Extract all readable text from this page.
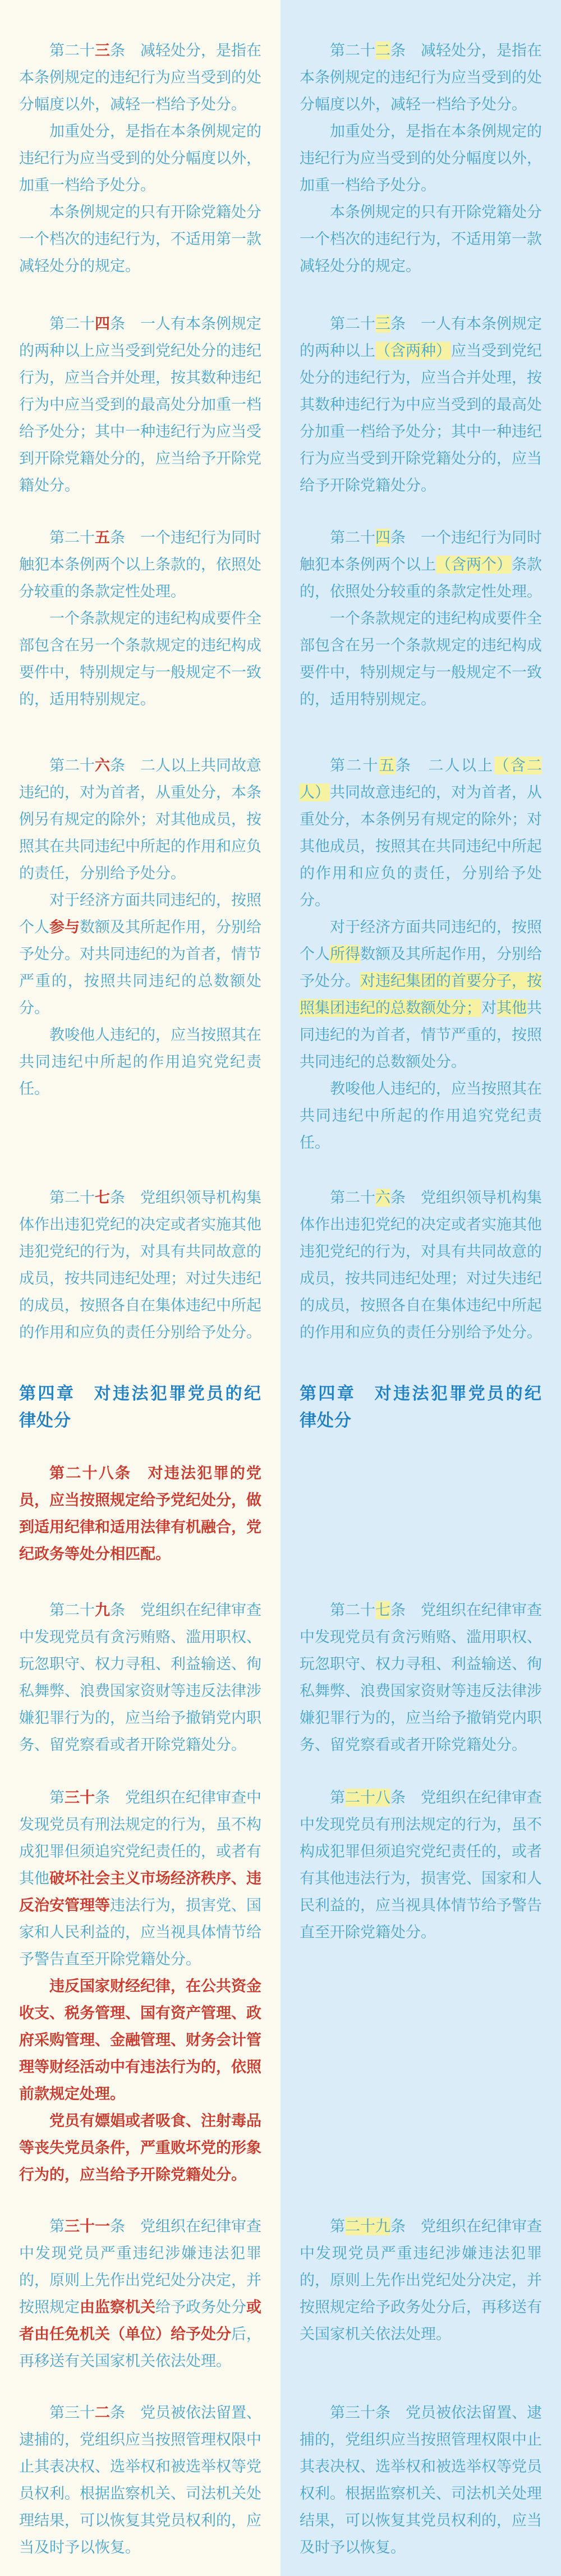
第二十三条　减轻处分，是指在本条例规定的违纪行为应当受到的处分幅度以外，减轻一档给予处分。

加重处分，是指在本条例规定的违纪行为应当受到的处分幅度以外，加重一档给予处分。

本条例规定的只有开除党籍处分一个档次的违纪行为，不适用第一款减轻处分的规定。

第二十二条　减轻处分，是指在本条例规定的违纪行为应当受到的处分幅度以外，减轻一档给予处分。

加重处分，是指在本条例规定的违纪行为应当受到的处分幅度以外，加重一档给予处分。

本条例规定的只有开除党籍处分一个档次的违纪行为，不适用第一款减轻处分的规定。

第二十四条　一人有本条例规定的两种以上应当受到党纪处分的违纪行为，应当合并处理，按其数种违纪行为中应当受到的最高处分加重一档给予处分；其中一种违纪行为应当受到开除党籍处分的，应当给予开除党籍处分。

第二十三条　一人有本条例规定的两种以上（含两种）应当受到党纪处分的违纪行为，应当合并处理，按其数种违纪行为中应当受到的最高处分加重一档给予处分；其中一种违纪行为应当受到开除党籍处分的，应当给予开除党籍处分。

第二十五条　一个违纪行为同时触犯本条例两个以上条款的，依照处分较重的条款定性处理。

一个条款规定的违纪构成要件全部包含在另一个条款规定的违纪构成要件中，特别规定与一般规定不一致的，适用特别规定。

第二十四条　一个违纪行为同时触犯本条例两个以上（含两个）条款的，依照处分较重的条款定性处理。

一个条款规定的违纪构成要件全部包含在另一个条款规定的违纪构成要件中，特别规定与一般规定不一致的，适用特别规定。

第二十六条　二人以上共同故意违纪的，对为首者，从重处分，本条例另有规定的除外；对其他成员，按照其在共同违纪中所起的作用和应负的责任，分别给予处分。

对于经济方面共同违纪的，按照个人参与数额及其所起作用，分别给予处分。对共同违纪的为首者，情节严重的，按照共同违纪的总数额处分。

教唆他人违纪的，应当按照其在共同违纪中所起的作用追究党纪责任。

第二十五条　二人以上（含二人）共同故意违纪的，对为首者，从重处分，本条例另有规定的除外；对其他成员，按照其在共同违纪中所起的作用和应负的责任，分别给予处分。

对于经济方面共同违纪的，按照个人所得数额及其所起作用，分别给予处分。对违纪集团的首要分子，按照集团违纪的总数额处分；对其他共同违纪的为首者，情节严重的，按照共同违纪的总数额处分。

教唆他人违纪的，应当按照其在共同违纪中所起的作用追究党纪责任。

第二十七条　党组织领导机构集体作出违犯党纪的决定或者实施其他违犯党纪的行为，对具有共同故意的成员，按共同违纪处理；对过失违纪的成员，按照各自在集体违纪中所起的作用和应负的责任分别给予处分。

第二十六条　党组织领导机构集体作出违犯党纪的决定或者实施其他违犯党纪的行为，对具有共同故意的成员，按共同违纪处理；对过失违纪的成员，按照各自在集体违纪中所起的作用和应负的责任分别给予处分。

第四章　对违法犯罪党员的纪律处分

第四章　对违法犯罪党员的纪律处分

第二十八条　对违法犯罪的党员，应当按照规定给予党纪处分，做到适用纪律和适用法律有机融合，党纪政务等处分相匹配。

第二十九条　党组织在纪律审查中发现党员有贪污贿赂、滥用职权、玩忽职守、权力寻租、利益输送、徇私舞弊、浪费国家资财等违反法律涉嫌犯罪行为的，应当给予撤销党内职务、留党察看或者开除党籍处分。

第二十七条　党组织在纪律审查中发现党员有贪污贿赂、滥用职权、玩忽职守、权力寻租、利益输送、徇私舞弊、浪费国家资财等违反法律涉嫌犯罪行为的，应当给予撤销党内职务、留党察看或者开除党籍处分。

第三十条　党组织在纪律审查中发现党员有刑法规定的行为，虽不构成犯罪但须追究党纪责任的，或者有其他破坏社会主义市场经济秩序、违反治安管理等违法行为，损害党、国家和人民利益的，应当视具体情节给予警告直至开除党籍处分。

违反国家财经纪律，在公共资金收支、税务管理、国有资产管理、政府采购管理、金融管理、财务会计管理等财经活动中有违法行为的，依照前款规定处理。

党员有嫖娼或者吸食、注射毒品等丧失党员条件，严重败坏党的形象行为的，应当给予开除党籍处分。

第二十八条　党组织在纪律审查中发现党员有刑法规定的行为，虽不构成犯罪但须追究党纪责任的，或者有其他违法行为，损害党、国家和人民利益的，应当视具体情节给予警告直至开除党籍处分。

第三十一条　党组织在纪律审查中发现党员严重违纪涉嫌违法犯罪的，原则上先作出党纪处分决定，并按照规定由监察机关给予政务处分或者由任免机关（单位）给予处分后，再移送有关国家机关依法处理。

第二十九条　党组织在纪律审查中发现党员严重违纪涉嫌违法犯罪的，原则上先作出党纪处分决定，并按照规定给予政务处分后，再移送有关国家机关依法处理。

第三十二条　党员被依法留置、逮捕的，党组织应当按照管理权限中止其表决权、选举权和被选举权等党员权利。根据监察机关、司法机关处理结果，可以恢复其党员权利的，应当及时予以恢复。

第三十条　党员被依法留置、逮捕的，党组织应当按照管理权限中止其表决权、选举权和被选举权等党员权利。根据监察机关、司法机关处理结果，可以恢复其党员权利的，应当及时予以恢复。
